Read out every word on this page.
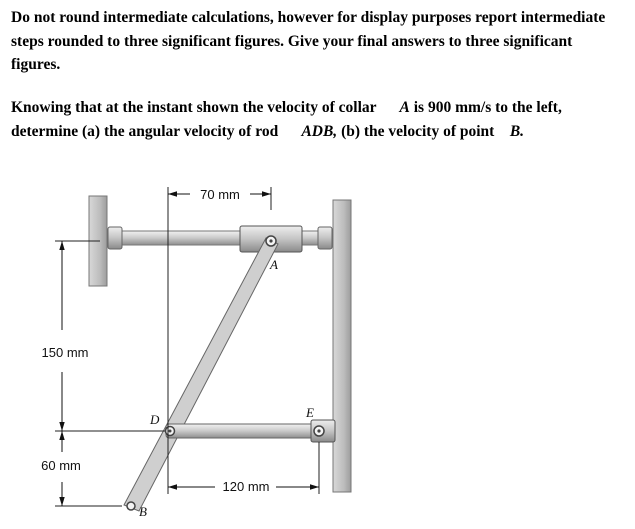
Do not round intermediate calculations, however for display purposes report intermediate
steps rounded to three significant figures. Give your final answers to three significant
figures.
Knowing that at the instant shown the velocity of collar A is 900 mm/s to the left,
determine (a) the angular velocity of rod ADB, (b) the velocity of point B.
70 mm
150 mm
60 mm
120 mm
A
D	E
B
